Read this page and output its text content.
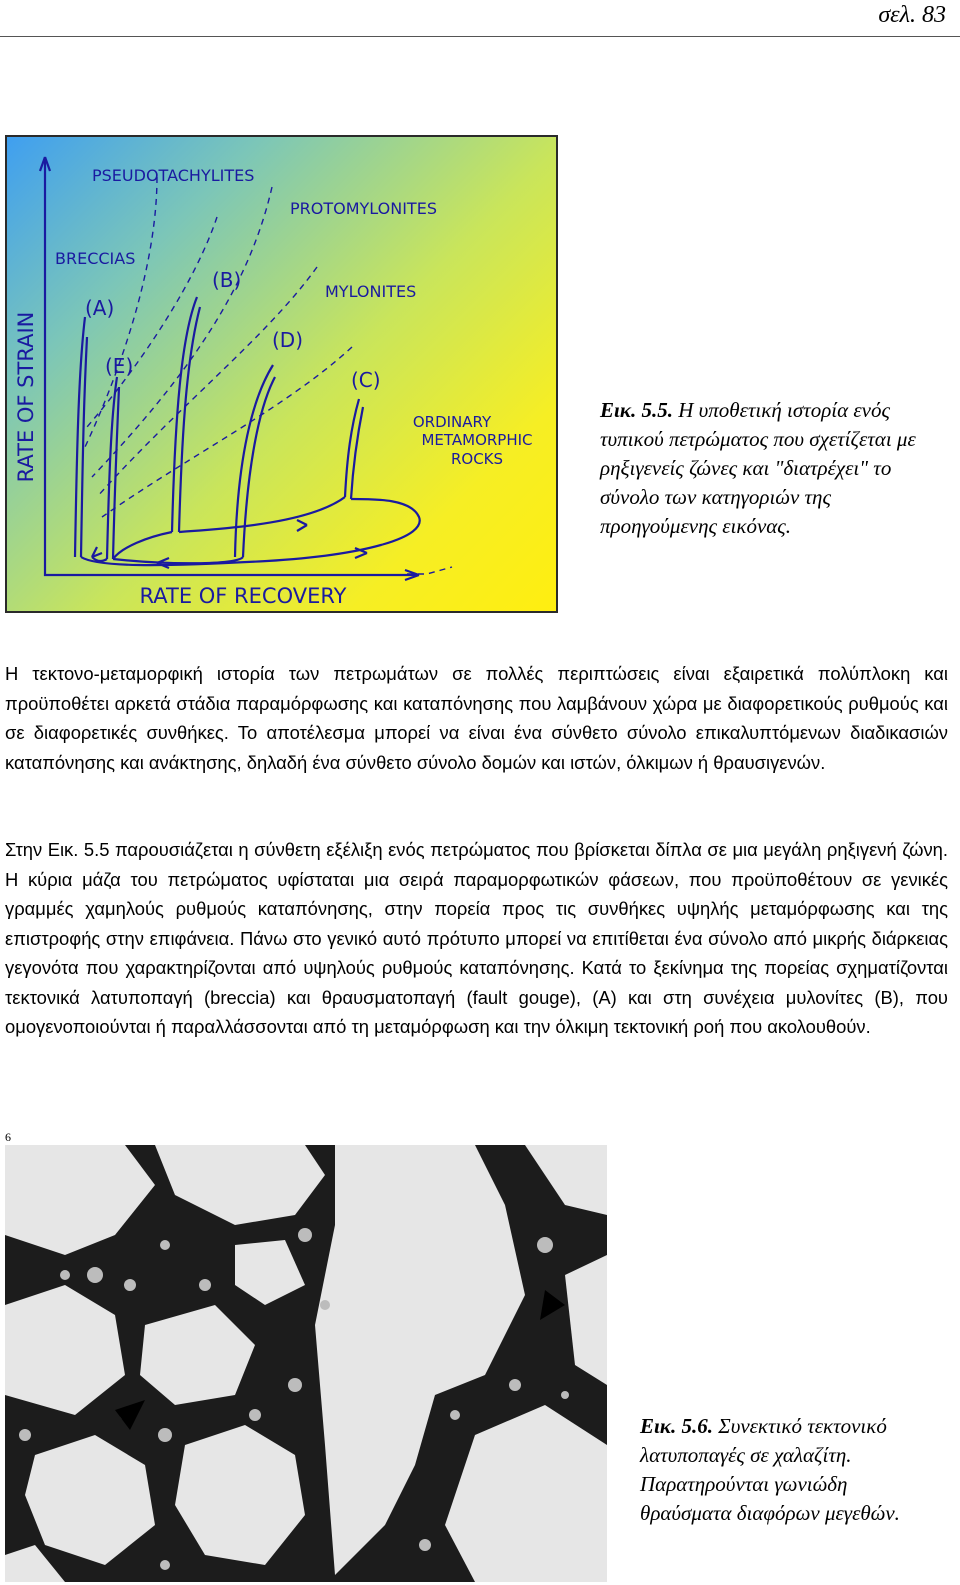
σελ. 83
PSEUDOTACHYLITES
PROTOMYLONITES
BRECCIAS
MYLONITES
(B)
(A)
(D)
(E)
(C)
ORDINARY
METAMORPHIC
ROCKS
RATE OF RECOVERY
RATE OF STRAIN	Εικ. 5.5. Η υποθετική ιστορία ενός τυπικού πετρώματος που σχετίζεται με ρηξιγενείς ζώνες και "διατρέχει" το σύνολο των κατηγοριών της προηγούμενης εικόνας.
Η τεκτονο-μεταμορφική ιστορία των πετρωμάτων σε πολλές περιπτώσεις είναι εξαιρετικά πολύπλοκη και προϋποθέτει αρκετά στάδια παραμόρφωσης και καταπόνησης που λαμβάνουν χώρα με διαφορετικούς ρυθμούς και σε διαφορετικές συνθήκες. Το αποτέλεσμα μπορεί να είναι ένα σύνθετο σύνολο επικαλυπτόμενων διαδικασιών καταπόνησης και ανάκτησης, δηλαδή ένα σύνθετο σύνολο δομών και ιστών, όλκιμων ή θραυσιγενών.
Στην Εικ. 5.5 παρουσιάζεται η σύνθετη εξέλιξη ενός πετρώματος που βρίσκεται δίπλα σε μια μεγάλη ρηξιγενή ζώνη. Η κύρια μάζα του πετρώματος υφίσταται μια σειρά παραμορφωτικών φάσεων, που προϋποθέτουν σε γενικές γραμμές χαμηλούς ρυθμούς καταπόνησης, στην πορεία προς τις συνθήκες υψηλής μεταμόρφωσης και της επιστροφής στην επιφάνεια. Πάνω στο γενικό αυτό πρότυπο μπορεί να επιτίθεται ένα σύνολο από μικρής διάρκειας γεγονότα που χαρακτηρίζονται από υψηλούς ρυθμούς καταπόνησης. Κατά το ξεκίνημα της πορείας σχηματίζονται τεκτονικά λατυποπαγή (breccia) και θραυσματοπαγή (fault gouge), (Α) και στη συνέχεια μυλονίτες (Β), που ομογενοποιούνται ή παραλλάσσονται από τη μεταμόρφωση και την όλκιμη τεκτονική ροή που ακολουθούν.
6
Εικ. 5.6. Συνεκτικό τεκτονικό λατυποπαγές σε χαλαζίτη. Παρατηρούνται γωνιώδη θραύσματα διαφόρων μεγεθών.
